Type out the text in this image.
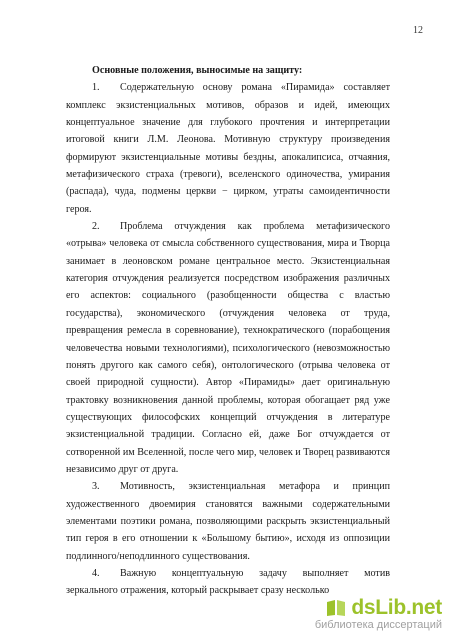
12

Основные положения, выносимые на защиту:

1. Содержательную основу романа «Пирамида» составляет комплекс экзистенциальных мотивов, образов и идей, имеющих концептуальное значение для глубокого прочтения и интерпретации итоговой книги Л.М. Леонова. Мотивную структуру произведения формируют экзистенциальные мотивы бездны, апокалипсиса, отчаяния, метафизического страха (тревоги), вселенского одиночества, умирания (распада), чуда, подмены церкви − цирком, утраты самоидентичности героя.

2. Проблема отчуждения как проблема метафизического «отрыва» человека от смысла собственного существования, мира и Творца занимает в леоновском романе центральное место. Экзистенциальная категория отчуждения реализуется посредством изображения различных его аспектов: социального (разобщенности общества с властью государства), экономического (отчуждения человека от труда, превращения ремесла в соревнование), технократического (порабощения человечества новыми технологиями), психологического (невозможностью понять другого как самого себя), онтологического (отрыва человека от своей природной сущности). Автор «Пирамиды» дает оригинальную трактовку возникновения данной проблемы, которая обогащает ряд уже существующих философских концепций отчуждения в литературе экзистенциальной традиции. Согласно ей, даже Бог отчуждается от сотворенной им Вселенной, после чего мир, человек и Творец развиваются независимо друг от друга.

3. Мотивность, экзистенциальная метафора и принцип художественного двоемирия становятся важными содержательными элементами поэтики романа, позволяющими раскрыть экзистенциальный тип героя в его отношении к «Большому бытию», исходя из оппозиции подлинного/неподлинного существования.

4. Важную концептуальную задачу выполняет мотив зеркального отражения, который раскрывает сразу несколько

dsLib.net
библиотека диссертаций
